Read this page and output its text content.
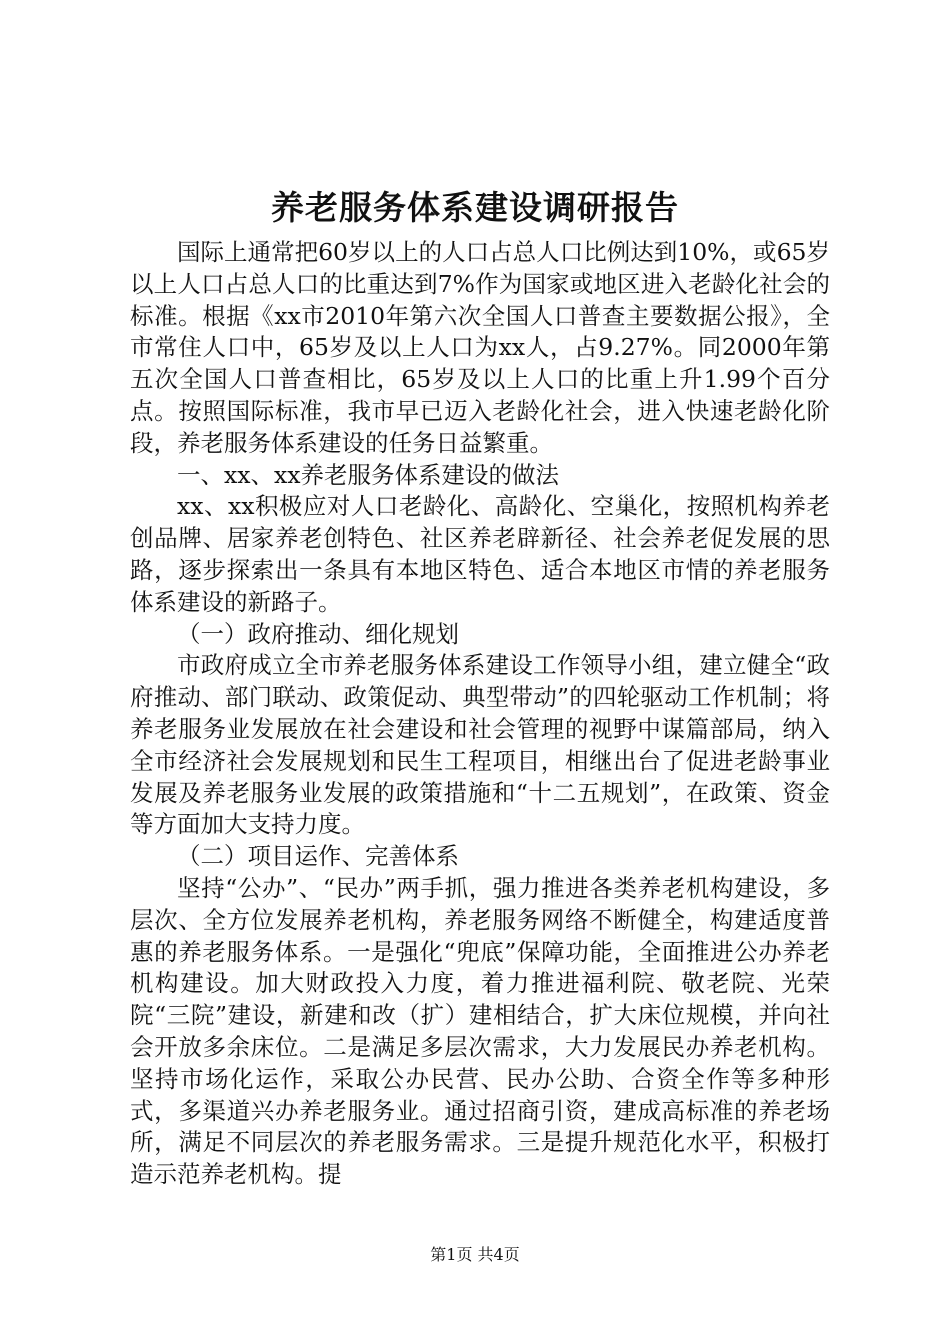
养老服务体系建设调研报告

国际上通常把60岁以上的人口占总人口比例达到10%，或65岁以上人口占总人口的比重达到7%作为国家或地区进入老龄化社会的标准。根据《xx市2010年第六次全国人口普查主要数据公报》，全市常住人口中，65岁及以上人口为xx人，占9.27%。同2000年第五次全国人口普查相比，65岁及以上人口的比重上升1.99个百分点。按照国际标准，我市早已迈入老龄化社会，进入快速老龄化阶段，养老服务体系建设的任务日益繁重。

一、xx、xx养老服务体系建设的做法

xx、xx积极应对人口老龄化、高龄化、空巢化，按照机构养老创品牌、居家养老创特色、社区养老辟新径、社会养老促发展的思路，逐步探索出一条具有本地区特色、适合本地区市情的养老服务体系建设的新路子。

（一）政府推动、细化规划

市政府成立全市养老服务体系建设工作领导小组，建立健全“政府推动、部门联动、政策促动、典型带动”的四轮驱动工作机制；将养老服务业发展放在社会建设和社会管理的视野中谋篇部局，纳入全市经济社会发展规划和民生工程项目，相继出台了促进老龄事业发展及养老服务业发展的政策措施和“十二五规划”，在政策、资金等方面加大支持力度。

（二）项目运作、完善体系

坚持“公办”、“民办”两手抓，强力推进各类养老机构建设，多层次、全方位发展养老机构，养老服务网络不断健全，构建适度普惠的养老服务体系。一是强化“兜底”保障功能，全面推进公办养老机构建设。加大财政投入力度，着力推进福利院、敬老院、光荣院“三院”建设，新建和改（扩）建相结合，扩大床位规模，并向社会开放多余床位。二是满足多层次需求，大力发展民办养老机构。坚持市场化运作，采取公办民营、民办公助、合资全作等多种形式，多渠道兴办养老服务业。通过招商引资，建成高标准的养老场所，满足不同层次的养老服务需求。三是提升规范化水平，积极打造示范养老机构。提

第1页 共4页
